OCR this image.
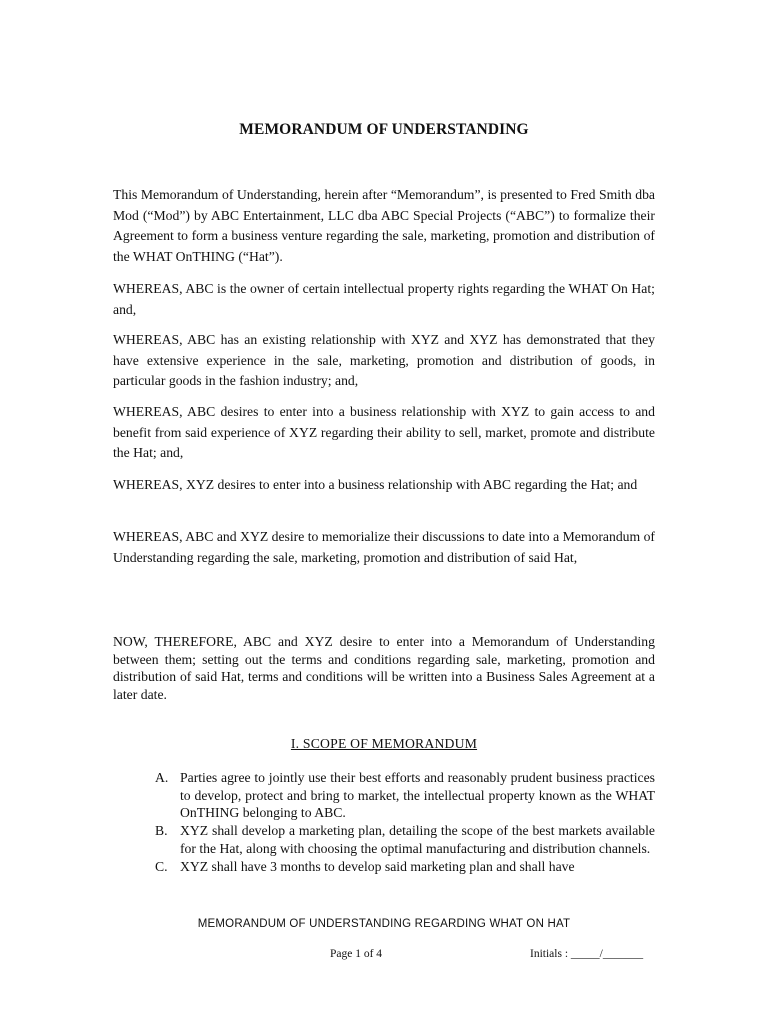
MEMORANDUM OF UNDERSTANDING

This Memorandum of Understanding, herein after “Memorandum”, is presented to Fred Smith dba Mod (“Mod”) by ABC Entertainment, LLC dba ABC Special Projects (“ABC”) to formalize their Agreement to form a business venture regarding the sale, marketing, promotion and distribution of the WHAT OnTHING (“Hat”).

WHEREAS, ABC is the owner of certain intellectual property rights regarding the WHAT On Hat; and,

WHEREAS, ABC has an existing relationship with XYZ and XYZ has demonstrated that they have extensive experience in the sale, marketing, promotion and distribution of goods, in particular goods in the fashion industry; and,

WHEREAS, ABC desires to enter into a business relationship with XYZ to gain access to and benefit from said experience of XYZ regarding their ability to sell, market, promote and distribute the Hat; and,

WHEREAS, XYZ desires to enter into a business relationship with ABC regarding the Hat; and

WHEREAS, ABC and XYZ desire to memorialize their discussions to date into a Memorandum of Understanding regarding the sale, marketing, promotion and distribution of said Hat,

NOW, THEREFORE, ABC and XYZ desire to enter into a Memorandum of Understanding between them; setting out the terms and conditions regarding sale, marketing, promotion and distribution of said Hat, terms and conditions will be written into a Business Sales Agreement at a later date.

I. SCOPE OF MEMORANDUM
A. Parties agree to jointly use their best efforts and reasonably prudent business practices to develop, protect and bring to market, the intellectual property known as the WHAT OnTHING belonging to ABC.
B. XYZ shall develop a marketing plan, detailing the scope of the best markets available for the Hat, along with choosing the optimal manufacturing and distribution channels.
C. XYZ shall have 3 months to develop said marketing plan and shall have
MEMORANDUM OF UNDERSTANDING REGARDING WHAT ON HAT
Page 1 of 4	Initials : _____/_______
